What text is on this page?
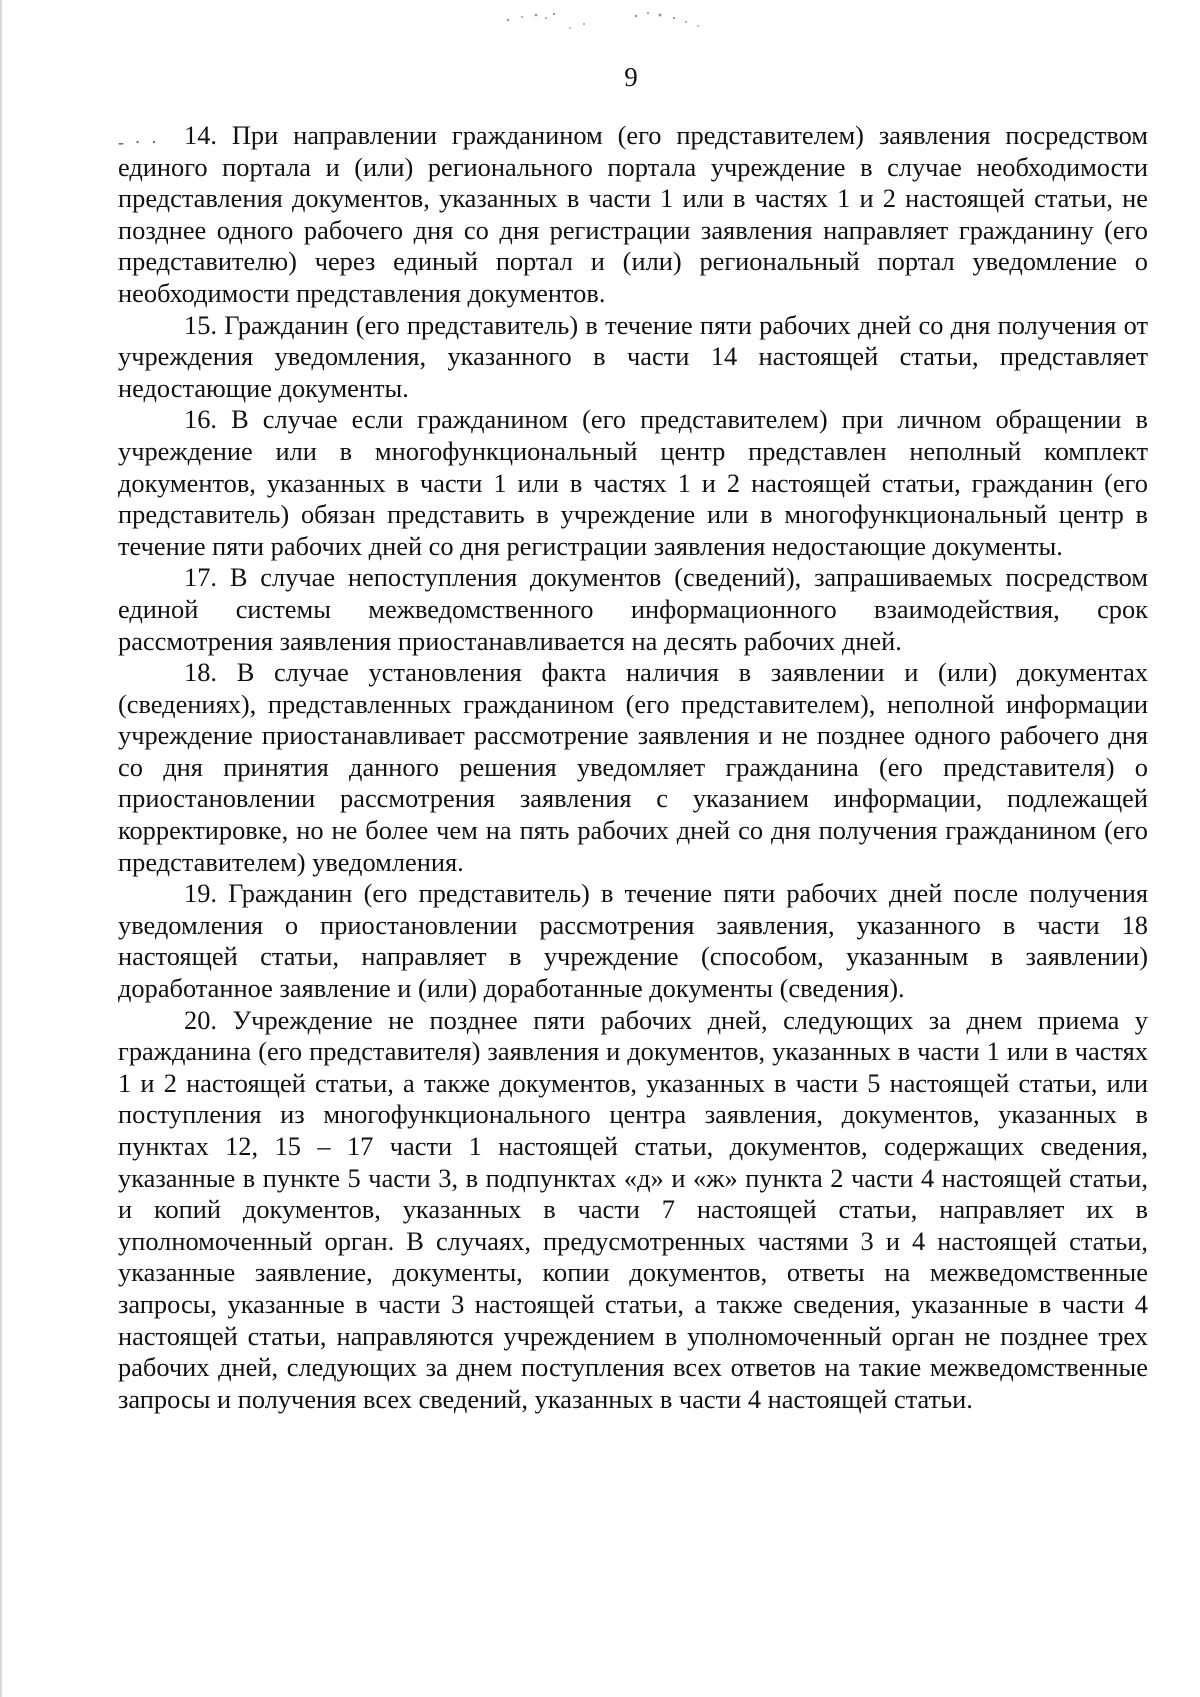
9
- · · 14. При направлении гражданином (его представителем) заявления посредством единого портала и (или) регионального портала учреждение в случае необходимости представления документов, указанных в части 1 или в частях 1 и 2 настоящей статьи, не позднее одного рабочего дня со дня регистрации заявления направляет гражданину (его представителю) через единый портал и (или) региональный портал уведомление о необходимости представления документов.

15. Гражданин (его представитель) в течение пяти рабочих дней со дня получения от учреждения уведомления, указанного в части 14 настоящей статьи, представляет недостающие документы.

16. В случае если гражданином (его представителем) при личном обращении в учреждение или в многофункциональный центр представлен неполный комплект документов, указанных в части 1 или в частях 1 и 2 настоящей статьи, гражданин (его представитель) обязан представить в учреждение или в многофункциональный центр в течение пяти рабочих дней со дня регистрации заявления недостающие документы.

17. В случае непоступления документов (сведений), запрашиваемых посредством единой системы межведомственного информационного взаимодействия, срок рассмотрения заявления приостанавливается на десять рабочих дней.

18. В случае установления факта наличия в заявлении и (или) документах (сведениях), представленных гражданином (его представителем), неполной информации учреждение приостанавливает рассмотрение заявления и не позднее одного рабочего дня со дня принятия данного решения уведомляет гражданина (его представителя) о приостановлении рассмотрения заявления с указанием информации, подлежащей корректировке, но не более чем на пять рабочих дней со дня получения гражданином (его представителем) уведомления.

19. Гражданин (его представитель) в течение пяти рабочих дней после получения уведомления о приостановлении рассмотрения заявления, указанного в части 18 настоящей статьи, направляет в учреждение (способом, указанным в заявлении) доработанное заявление и (или) доработанные документы (сведения).

20. Учреждение не позднее пяти рабочих дней, следующих за днем приема у гражданина (его представителя) заявления и документов, указанных в части 1 или в частях 1 и 2 настоящей статьи, а также документов, указанных в части 5 настоящей статьи, или поступления из многофункционального центра заявления, документов, указанных в пунктах 12, 15 – 17 части 1 настоящей статьи, документов, содержащих сведения, указанные в пункте 5 части 3, в подпунктах «д» и «ж» пункта 2 части 4 настоящей статьи, и копий документов, указанных в части 7 настоящей статьи, направляет их в уполномоченный орган. В случаях, предусмотренных частями 3 и 4 настоящей статьи, указанные заявление, документы, копии документов, ответы на межведомственные запросы, указанные в части 3 настоящей статьи, а также сведения, указанные в части 4 настоящей статьи, направляются учреждением в уполномоченный орган не позднее трех рабочих дней, следующих за днем поступления всех ответов на такие межведомственные запросы и получения всех сведений, указанных в части 4 настоящей статьи.
